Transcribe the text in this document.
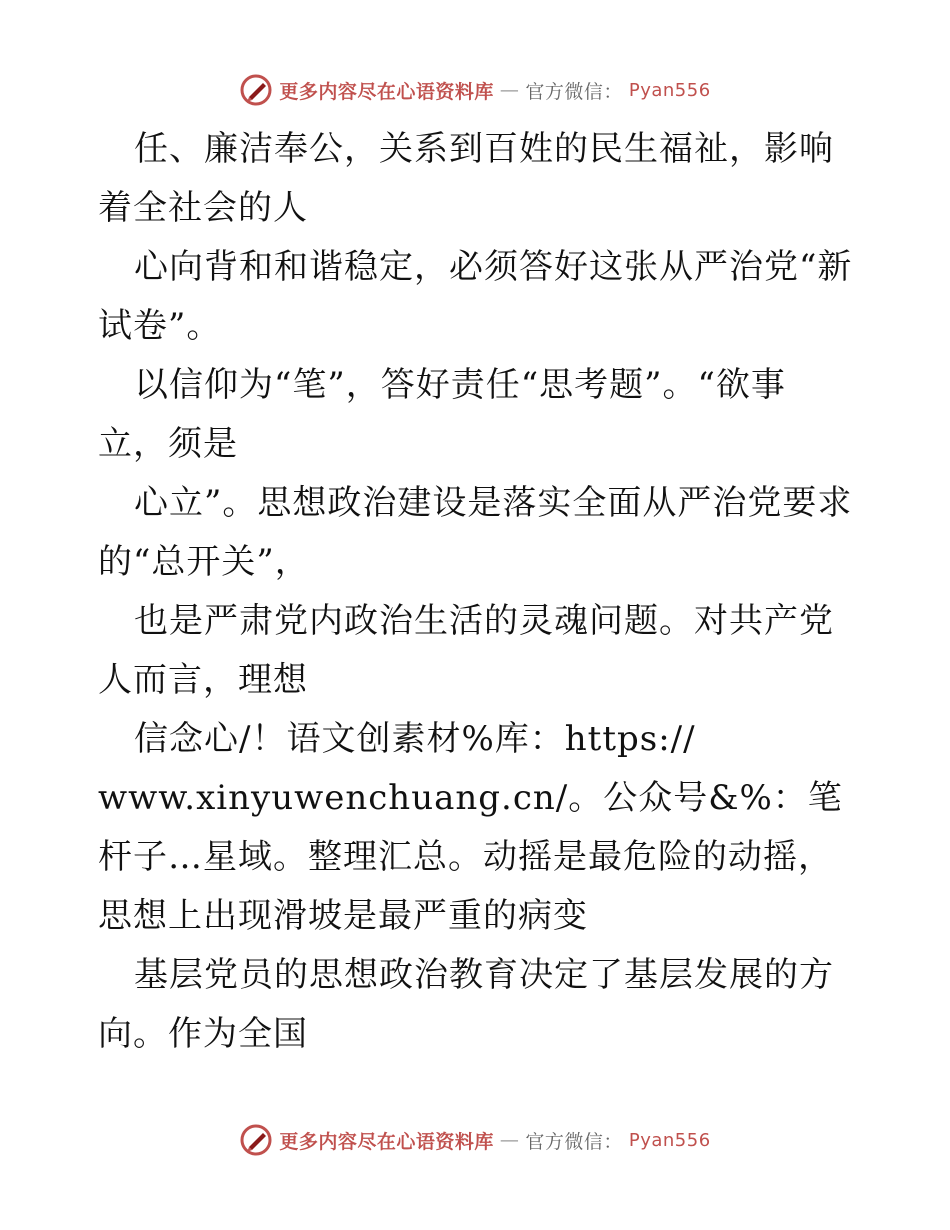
更多内容尽在心语资料库 — 官方微信： Pyan556

任、廉洁奉公，关系到百姓的民生福祉，影响着全社会的人

心向背和和谐稳定，必须答好这张从严治党“新试卷”。

以信仰为“笔”，答好责任“思考题”。“欲事立，须是

心立”。思想政治建设是落实全面从严治党要求的“总开关”，

也是严肃党内政治生活的灵魂问题。对共产党人而言，理想

信念心/！语文创素材%库：https://

www.xinyuwenchuang.cn/。公众号&%：笔杆子…星域。整理汇总。动摇是最危险的动摇，思想上出现滑坡是最严重的病变

基层党员的思想政治教育决定了基层发展的方向。作为全国

更多内容尽在心语资料库 — 官方微信： Pyan556
